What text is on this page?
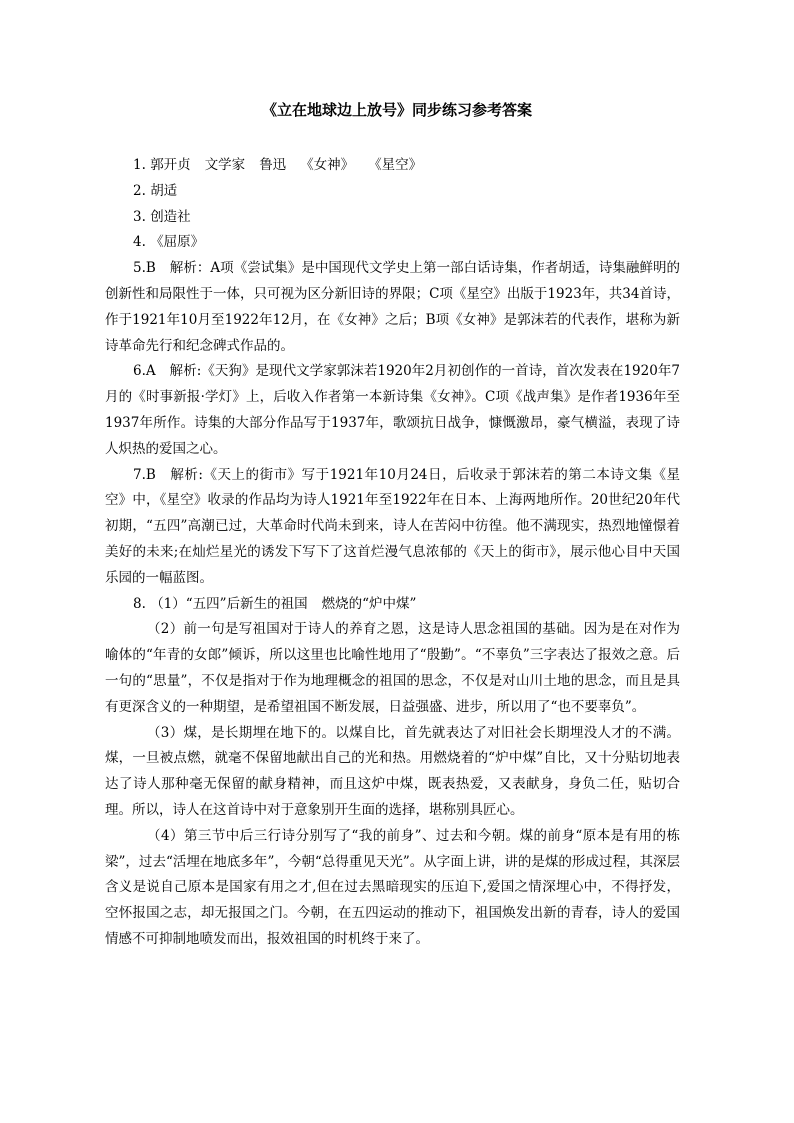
《立在地球边上放号》同步练习参考答案

1. 郭开贞 文学家 鲁迅 《女神》 《星空》

2. 胡适

3. 创造社

4. 《屈原》

5.B 解析：A项《尝试集》是中国现代文学史上第一部白话诗集，作者胡适，诗集融鲜明的创新性和局限性于一体，只可视为区分新旧诗的界限；C项《星空》出版于1923年，共34首诗，作于1921年10月至1922年12月，在《女神》之后；B项《女神》是郭沫若的代表作，堪称为新诗革命先行和纪念碑式作品的。

6.A 解析:《天狗》是现代文学家郭沫若1920年2月初创作的一首诗，首次发表在1920年7月的《时事新报·学灯》上，后收入作者第一本新诗集《女神》。C项《战声集》是作者1936年至1937年所作。诗集的大部分作品写于1937年，歌颂抗日战争，慷慨激昂，豪气横溢，表现了诗人炽热的爱国之心。

7.B 解析:《天上的街市》写于1921年10月24日，后收录于郭沫若的第二本诗文集《星空》中，《星空》收录的作品均为诗人1921年至1922年在日本、上海两地所作。20世纪20年代初期，“五四”高潮已过，大革命时代尚未到来，诗人在苦闷中彷徨。他不满现实，热烈地憧憬着美好的未来;在灿烂星光的诱发下写下了这首烂漫气息浓郁的《天上的街市》，展示他心目中天国乐园的一幅蓝图。

8. （1）“五四”后新生的祖国 燃烧的“炉中煤”

（2）前一句是写祖国对于诗人的养育之恩，这是诗人思念祖国的基础。因为是在对作为喻体的“年青的女郎”倾诉，所以这里也比喻性地用了“殷勤”。“不辜负”三字表达了报效之意。后一句的“思量”，不仅是指对于作为地理概念的祖国的思念，不仅是对山川土地的思念，而且是具有更深含义的一种期望，是希望祖国不断发展，日益强盛、进步，所以用了“也不要辜负”。

（3）煤，是长期埋在地下的。以煤自比，首先就表达了对旧社会长期埋没人才的不满。煤，一旦被点燃，就毫不保留地献出自己的光和热。用燃烧着的“炉中煤”自比，又十分贴切地表达了诗人那种毫无保留的献身精神，而且这炉中煤，既表热爱，又表献身，身负二任，贴切合理。所以，诗人在这首诗中对于意象别开生面的选择，堪称别具匠心。

（4）第三节中后三行诗分别写了“我的前身”、过去和今朝。煤的前身“原本是有用的栋梁”，过去“活埋在地底多年”，今朝“总得重见天光”。从字面上讲，讲的是煤的形成过程，其深层含义是说自己原本是国家有用之才,但在过去黑暗现实的压迫下,爱国之情深埋心中，不得抒发，空怀报国之志，却无报国之门。今朝，在五四运动的推动下，祖国焕发出新的青春，诗人的爱国情感不可抑制地喷发而出，报效祖国的时机终于来了。
